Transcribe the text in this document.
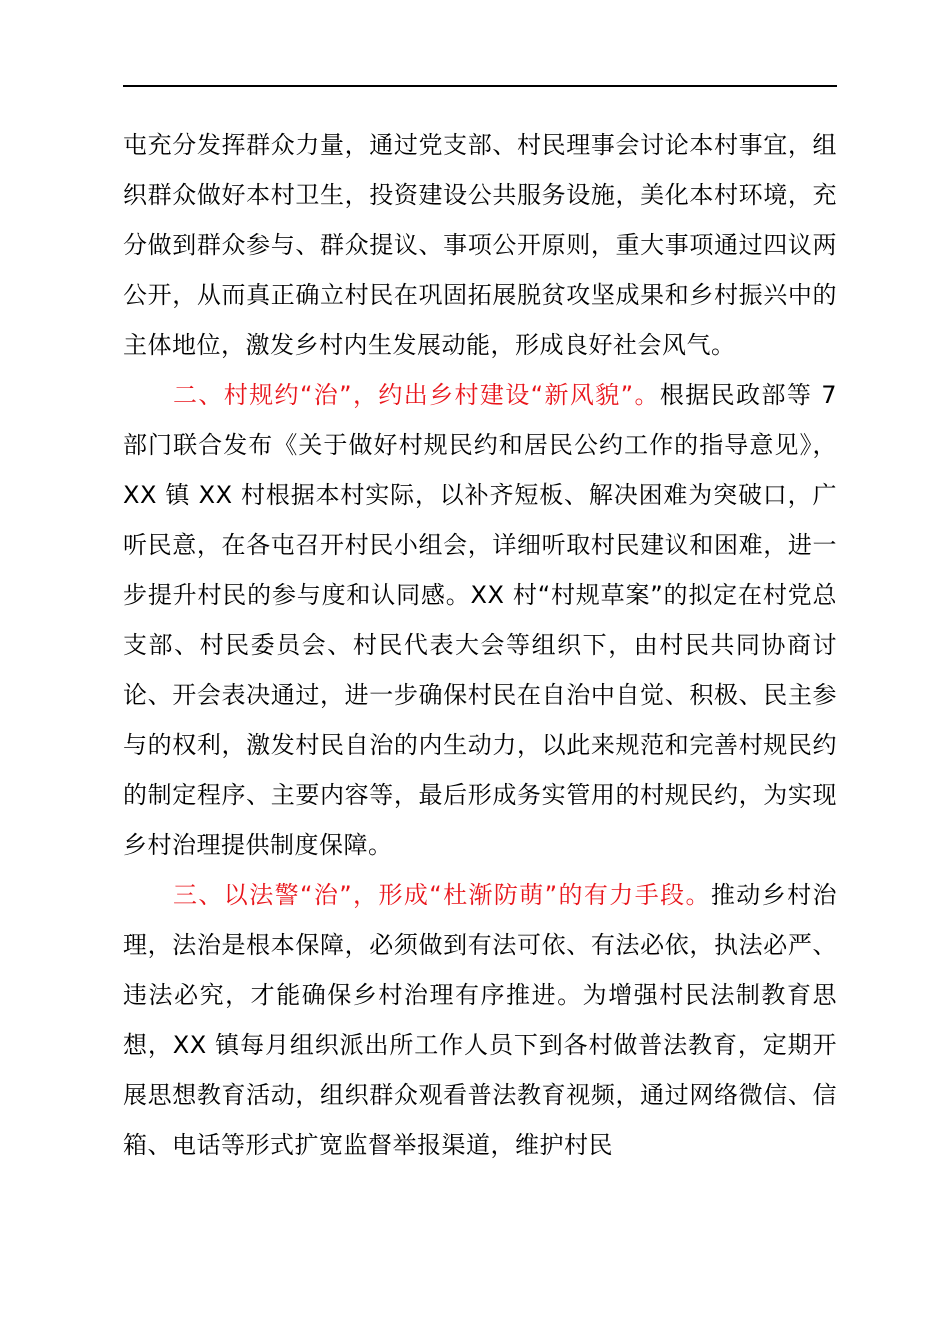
屯充分发挥群众力量，通过党支部、村民理事会讨论本村事宜，组织群众做好本村卫生，投资建设公共服务设施，美化本村环境，充分做到群众参与、群众提议、事项公开原则，重大事项通过四议两公开，从而真正确立村民在巩固拓展脱贫攻坚成果和乡村振兴中的主体地位，激发乡村内生发展动能，形成良好社会风气。

二、村规约“治”，约出乡村建设“新风貌”。根据民政部等 7 部门联合发布《关于做好村规民约和居民公约工作的指导意见》，XX 镇 XX 村根据本村实际，以补齐短板、解决困难为突破口，广听民意，在各屯召开村民小组会，详细听取村民建议和困难，进一步提升村民的参与度和认同感。XX 村“村规草案”的拟定在村党总支部、村民委员会、村民代表大会等组织下，由村民共同协商讨论、开会表决通过，进一步确保村民在自治中自觉、积极、民主参与的权利，激发村民自治的内生动力，以此来规范和完善村规民约的制定程序、主要内容等，最后形成务实管用的村规民约，为实现乡村治理提供制度保障。

三、以法警“治”，形成“杜渐防萌”的有力手段。推动乡村治理，法治是根本保障，必须做到有法可依、有法必依，执法必严、违法必究，才能确保乡村治理有序推进。为增强村民法制教育思想，XX 镇每月组织派出所工作人员下到各村做普法教育，定期开展思想教育活动，组织群众观看普法教育视频，通过网络微信、信箱、电话等形式扩宽监督举报渠道，维护村民
